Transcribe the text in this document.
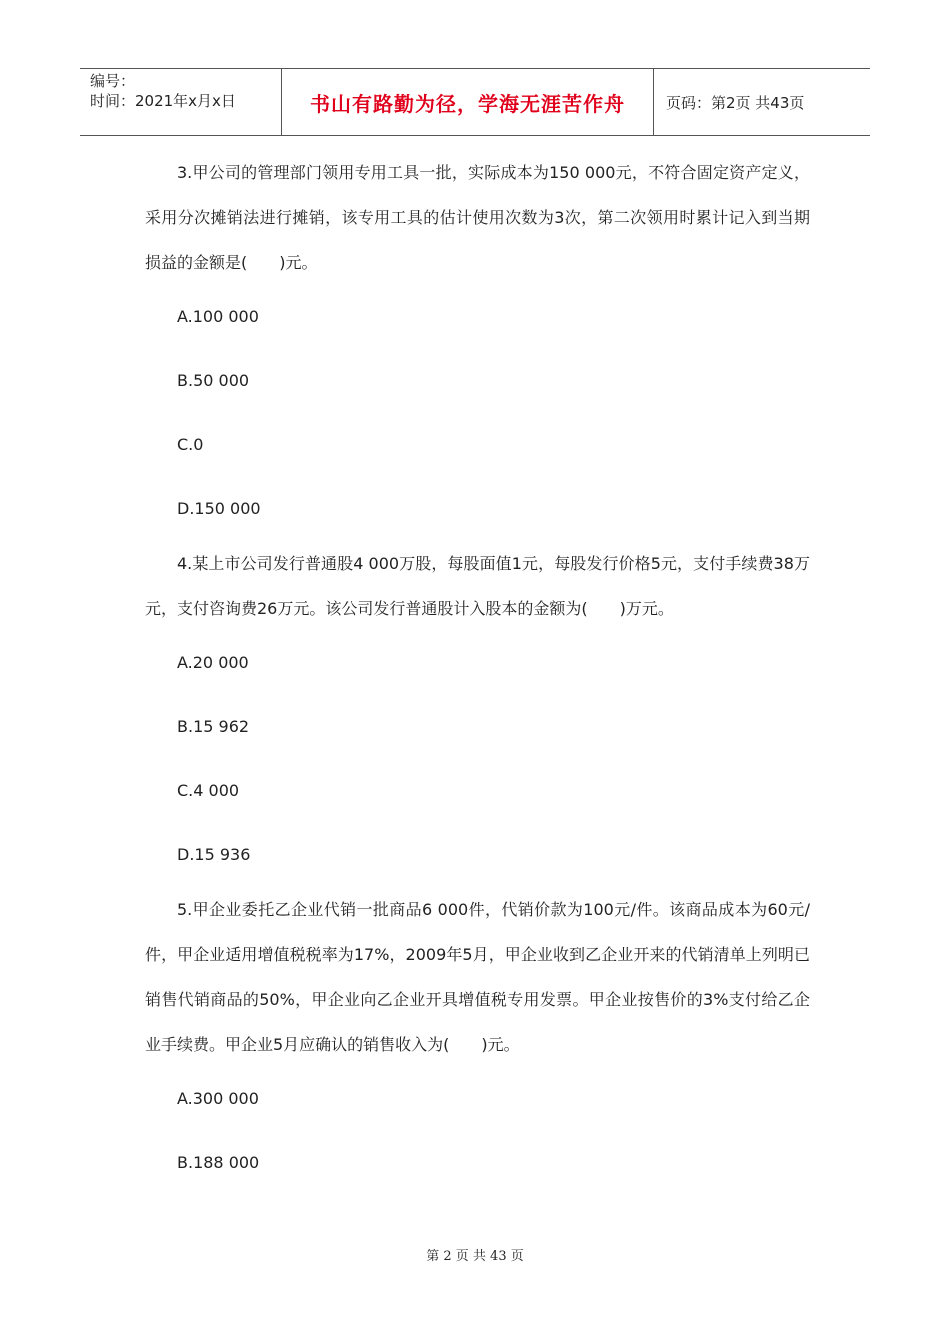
编号：
时间：2021年x月x日	书山有路勤为径，学海无涯苦作舟	页码：第2页 共43页

3.甲公司的管理部门领用专用工具一批，实际成本为150 000元，不符合固定资产定义，采用分次摊销法进行摊销，该专用工具的估计使用次数为3次，第二次领用时累计记入到当期损益的金额是(　　)元。

A.100 000

B.50 000

C.0

D.150 000

4.某上市公司发行普通股4 000万股，每股面值1元，每股发行价格5元，支付手续费38万元，支付咨询费26万元。该公司发行普通股计入股本的金额为(　　)万元。

A.20 000

B.15 962

C.4 000

D.15 936

5.甲企业委托乙企业代销一批商品6 000件，代销价款为100元/件。该商品成本为60元/件，甲企业适用增值税税率为17%，2009年5月，甲企业收到乙企业开来的代销清单上列明已销售代销商品的50%，甲企业向乙企业开具增值税专用发票。甲企业按售价的3%支付给乙企业手续费。甲企业5月应确认的销售收入为(　　)元。

A.300 000

B.188 000

第 2 页 共 43 页
